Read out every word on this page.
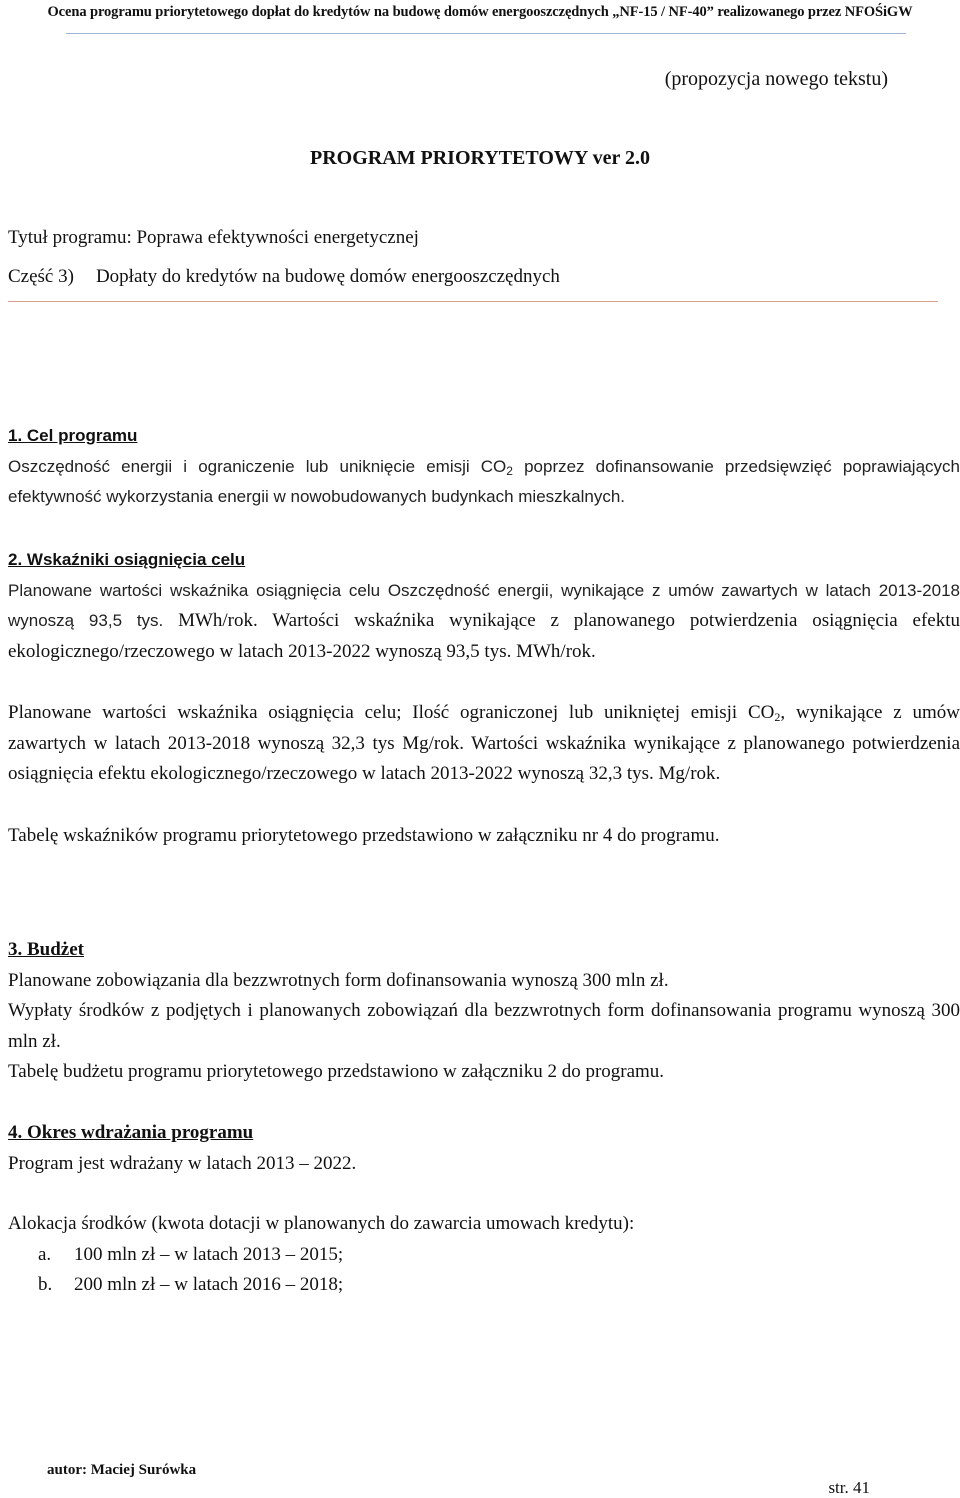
Ocena programu priorytetowego dopłat do kredytów na budowę domów energooszczędnych „NF-15 / NF-40” realizowanego przez NFOŚiGW
(propozycja nowego tekstu)
PROGRAM PRIORYTETOWY ver 2.0
Tytuł programu: Poprawa efektywności energetycznej
Część 3) Dopłaty do kredytów na budowę domów energooszczędnych

1. Cel programu

Oszczędność energii i ograniczenie lub uniknięcie emisji $CO_2$ poprzez dofinansowanie przedsięwzięć poprawiających efektywność wykorzystania energii w nowobudowanych budynkach mieszkalnych.

2. Wskaźniki osiągnięcia celu

Planowane wartości wskaźnika osiągnięcia celu Oszczędność energii, wynikające z umów zawartych w latach 2013-2018 wynoszą 93,5 tys. MWh/rok. Wartości wskaźnika wynikające z planowanego potwierdzenia osiągnięcia efektu ekologicznego/rzeczowego w latach 2013-2022 wynoszą 93,5 tys. MWh/rok.

Planowane wartości wskaźnika osiągnięcia celu; Ilość ograniczonej lub unikniętej emisji $CO_2$, wynikające z umów zawartych w latach 2013-2018 wynoszą 32,3 tys Mg/rok. Wartości wskaźnika wynikające z planowanego potwierdzenia osiągnięcia efektu ekologicznego/rzeczowego w latach 2013-2022 wynoszą 32,3 tys. Mg/rok.

Tabelę wskaźników programu priorytetowego przedstawiono w załączniku nr 4 do programu.

3. Budżet

Planowane zobowiązania dla bezzwrotnych form dofinansowania wynoszą 300 mln zł.

Wypłaty środków z podjętych i planowanych zobowiązań dla bezzwrotnych form dofinansowania programu wynoszą 300 mln zł.

Tabelę budżetu programu priorytetowego przedstawiono w załączniku 2 do programu.

4. Okres wdrażania programu

Program jest wdrażany w latach 2013 – 2022.

Alokacja środków (kwota dotacji w planowanych do zawarcia umowach kredytu):

a. 100 mln zł – w latach 2013 – 2015;
b. 200 mln zł – w latach 2016 – 2018;
autor: Maciej Surówka
str. 41
